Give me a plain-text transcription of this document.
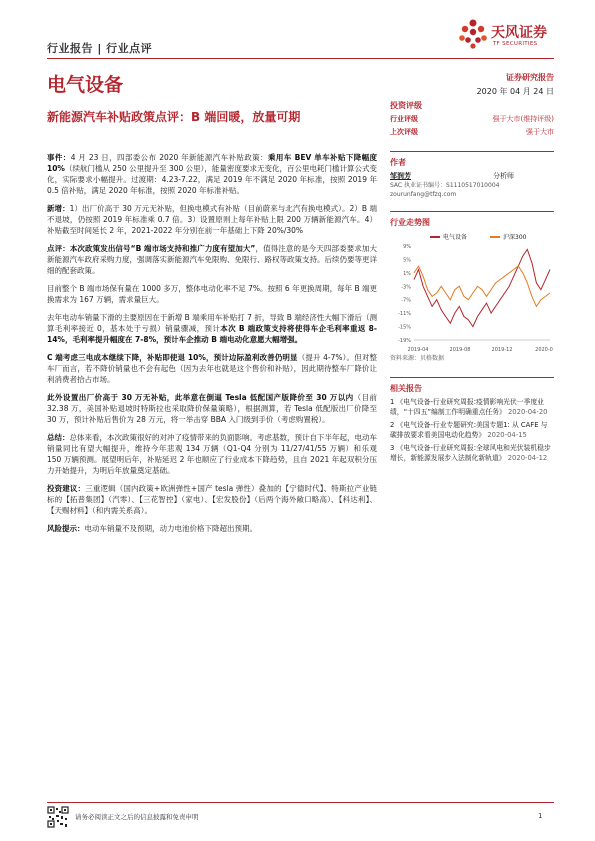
行业报告 | 行业点评
天风证券
TF SECURITIES
电气设备	证券研究报告
2020 年 04 月 24 日
新能源汽车补贴政策点评：B 端回暖，放量可期

事件：4 月 23 日，四部委公布 2020 年新能源汽车补贴政策：乘用车 BEV 单车补贴下降幅度 10%（续航门槛从 250 公里提升至 300 公里），能量密度要求无变化，百公里电耗门槛计算公式变化，实际要求小幅提升。过渡期：4.23-7.22，满足 2019 年不满足 2020 年标准，按照 2019 年 0.5 倍补贴，满足 2020 年标准，按照 2020 年标准补贴。

新增：1）出厂价高于 30 万元无补贴，但换电模式有补贴（目前蔚来与北汽有换电模式）。2）B 端不退坡，仍按照 2019 年标准乘 0.7 倍。3）设置原则上每年补贴上限 200 万辆新能源汽车。4）补贴截至时间延长 2 年，2021-2022 年分别在前一年基础上下降 20%/30%

点评：本次政策发出信号“B 端市场支持和推广力度有望加大”，值得注意的是今天四部委要求加大新能源汽车政府采购力度，强调落实新能源汽车免限购、免限行、路权等政策支持。后续仍要等更详细的配套政策。

目前整个 B 端市场保有量在 1000 多万，整体电动化率不足 7%。按照 6 年更换周期，每年 B 端更换需求为 167 万辆，需求量巨大。

去年电动车销量下滑的主要原因在于新增 B 端乘用车补贴打 7 折，导致 B 端经济性大幅下滑后（测算毛利率接近 0，基本处于亏损）销量骤减，预计本次 B 端政策支持将使得车企毛利率重返 8-14%，毛利率提升幅度在 7-8%，预计车企推动 B 端电动化意愿大幅增强。

C 端考虑三电成本继续下降，补贴即使退 10%，预计边际盈利改善仍明显（提升 4-7%）。但对整车厂而言，若不降价销量也不会有起色（因为去年也就是这个售价和补贴），因此期待整车厂降价让利消费者拾占市场。

此外设置出厂价高于 30 万无补贴，此举意在倒逼 Tesla 低配国产版降价至 30 万以内（目前 32.38 万，美国补贴退坡时特斯拉也采取降价保量策略），根据测算，若 Tesla 低配版出厂价降至 30 万，预计补贴后售价为 28 万元，将一举击穿 BBA 入门级到手价（考虑购置税）。

总结：总体来看，本次政策很好的对冲了疫情带来的负面影响。考虑基数，预计自下半年起，电动车销量同比有望大幅提升，维持今年悲观 134 万辆（Q1-Q4 分别为 11/27/41/55 万辆）和乐观 150 万辆预测。展望明后年，补贴延迟 2 年也顺应了行业成本下降趋势，且自 2021 年起双积分压力开始提升，为明后年放量奠定基础。

投资建议：三重逻辑（国内政策+欧洲弹性+国产 tesla 弹性）叠加的【宁德时代】、特斯拉产业链标的【拓普集团】（汽零）、【三花智控】（家电）、【宏发股份】（后两个海外敞口略高）、【科达利】、【天赐材料】（和内需关系高）。

风险提示：电动车销量不及预期，动力电池价格下降超出预期。

投资评级
行业评级	强于大市(维持评级)
上次评级	强于大市
作者
邹润芳	分析师
SAC 执业证书编号：S1110517010004
zourunfang@tfzq.com
行业走势图
电气设备	沪深300
9%
5%
1%
-3%
-7%
-11%
-15%
-19%
2019-04	2019-08	2019-12	2020-0
资料来源：贝格数据
相关报告
1 《电气设备-行业研究周报:疫情影响光伏一季度业绩，“十四五”编制工作明确重点任务》 2020-04-20
2 《电气设备-行业专题研究:美国专题1: 从 CAFE 与碳排放要求看美国电动化趋势》 2020-04-15
3 《电气设备-行业研究周报:全球风电和光伏装机稳步增长，新能源发展步入法制化新轨道》 2020-04-12
请务必阅读正文之后的信息披露和免责申明	1
